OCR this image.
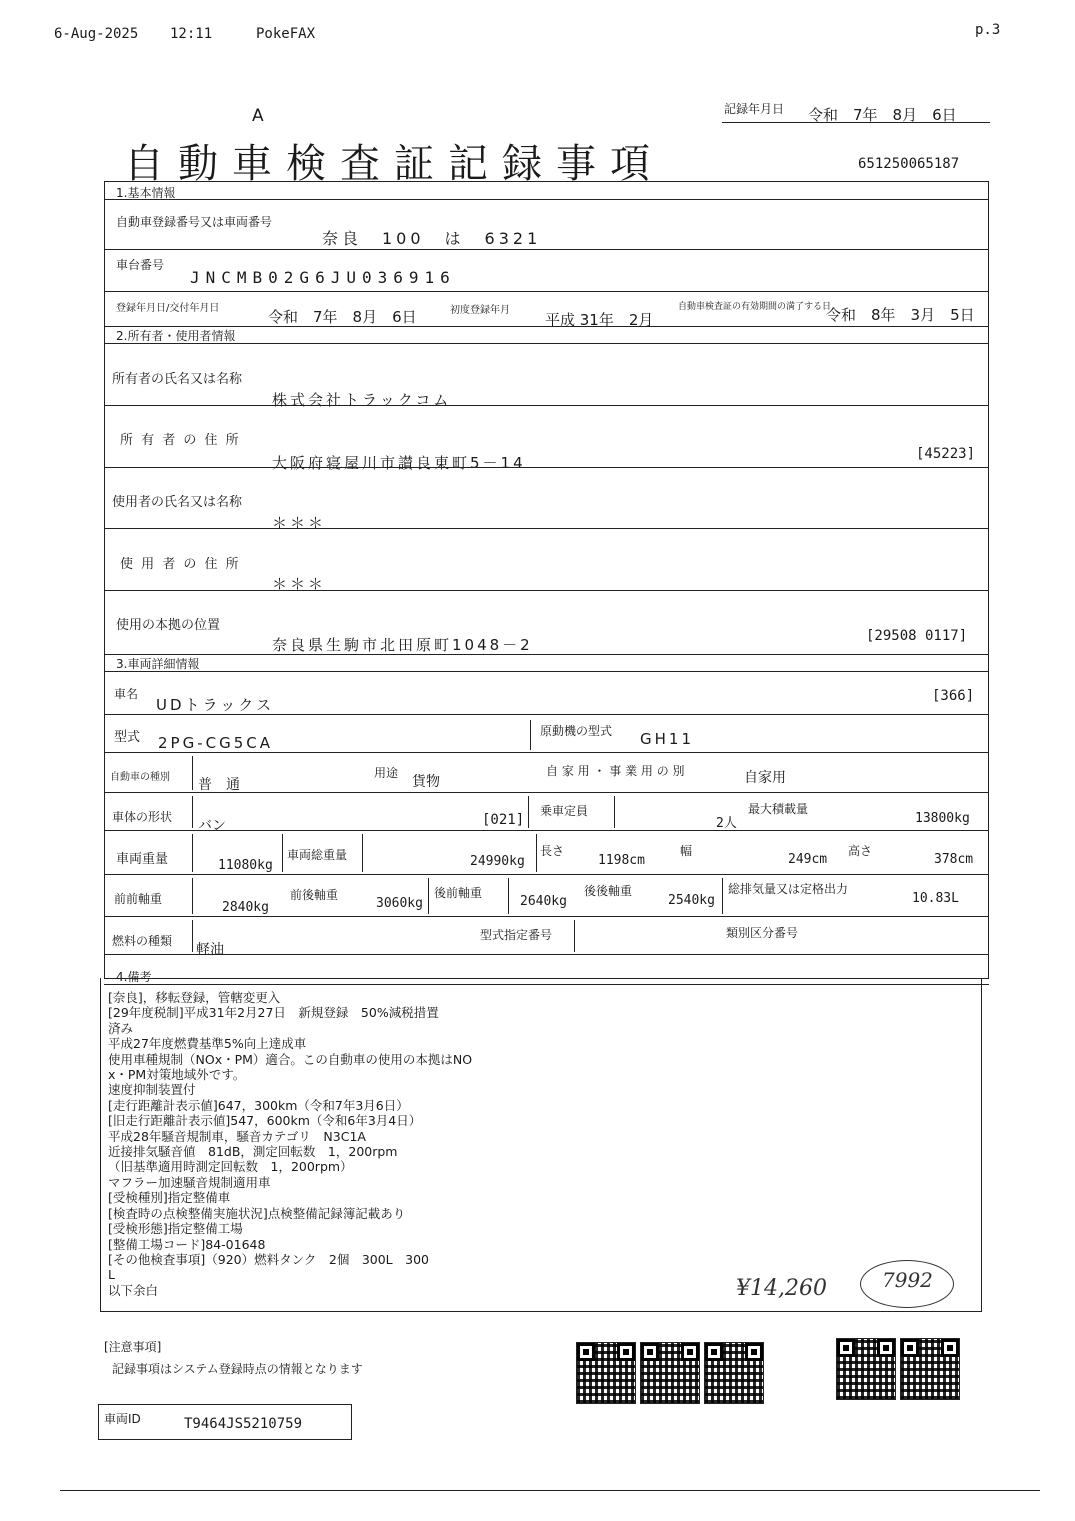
6-Aug-2025 12:11	PokeFAX	p.3
A
自動車検査証記録事項
記録年月日 令和　7年　8月　6日
651250065187
1.基本情報
自動車登録番号又は車両番号
奈良　100　は　6321
車台番号
JNCMB02G6JU036916
登録年月日/交付年月日	令和　7年　8月　6日	初度登録年月
平成 31年　2月
自動車検査証の有効期間の満了する日
令和　8年　3月　5日
2.所有者・使用者情報
所有者の氏名又は名称
株式会社トラックコム
所 有 者 の 住 所
大阪府寝屋川市讃良東町5－14	[45223]
使用者の氏名又は名称
＊＊＊
使 用 者 の 住 所
＊＊＊
使用の本拠の位置
奈良県生駒市北田原町1048－2	[29508 0117]
3.車両詳細情報
車名
UDトラックス	[366]
型式 2PG-CG5CA
原動機の型式 GH11
自動車の種別 普　通
用途
貨物
自 家 用 ・ 事 業 用 の 別	自家用
車体の形状
バン	[021]
乗車定員
2人
最大積載量
13800kg
車両重量	11080kg
車両総重量	24990kg
長さ
1198cm
幅
249cm
高さ
378cm
前前軸重
2840kg
前後軸重
3060kg
後前軸重
2640kg
後後軸重
2540kg
総排気量又は定格出力
10.83L
燃料の種類
軽油
型式指定番号	類別区分番号
4.備考
[奈良]，移転登録，管轄変更入
[29年度税制]平成31年2月27日　新規登録　50%減税措置
済み
平成27年度燃費基準5%向上達成車
使用車種規制（NOx・PM）適合。この自動車の使用の本拠はNO
x・PM対策地域外です。
速度抑制装置付
[走行距離計表示値]647，300km（令和7年3月6日）
[旧走行距離計表示値]547，600km（令和6年3月4日）
平成28年騒音規制車，騒音カテゴリ　N3C1A
近接排気騒音値　81dB，測定回転数　1，200rpm
（旧基準適用時測定回転数　1，200rpm）
マフラー加速騒音規制適用車
[受検種別]指定整備車
[検査時の点検整備実施状況]点検整備記録簿記載あり
[受検形態]指定整備工場
[整備工場コード]84-01648
[その他検査事項]（920）燃料タンク　2個　300L　300
L
以下余白	¥14,260	7992
[注意事項]
記録事項はシステム登録時点の情報となります
車両ID	T9464JS5210759
